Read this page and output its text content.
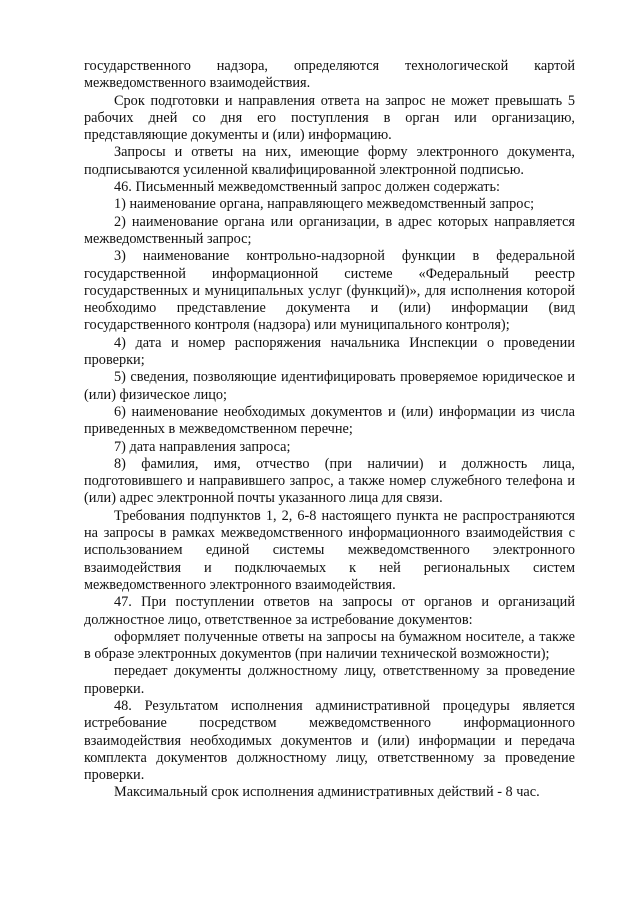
государственного надзора, определяются технологической картой межведомственного взаимодействия.

Срок подготовки и направления ответа на запрос не может превышать 5 рабочих дней со дня его поступления в орган или организацию, представляющие документы и (или) информацию.

Запросы и ответы на них, имеющие форму электронного документа, подписываются усиленной квалифицированной электронной подписью.

46. Письменный межведомственный запрос должен содержать:

1) наименование органа, направляющего межведомственный запрос;

2) наименование органа или организации, в адрес которых направляется межведомственный запрос;

3) наименование контрольно-надзорной функции в федеральной государственной информационной системе «Федеральный реестр государственных и муниципальных услуг (функций)», для исполнения которой необходимо представление документа и (или) информации (вид государственного контроля (надзора) или муниципального контроля);

4) дата и номер распоряжения начальника Инспекции о проведении проверки;

5) сведения, позволяющие идентифицировать проверяемое юридическое и (или) физическое лицо;

6) наименование необходимых документов и (или) информации из числа приведенных в межведомственном перечне;

7) дата направления запроса;

8) фамилия, имя, отчество (при наличии) и должность лица, подготовившего и направившего запрос, а также номер служебного телефона и (или) адрес электронной почты указанного лица для связи.

Требования подпунктов 1, 2, 6-8 настоящего пункта не распространяются на запросы в рамках межведомственного информационного взаимодействия с использованием единой системы межведомственного электронного взаимодействия и подключаемых к ней региональных систем межведомственного электронного взаимодействия.

47. При поступлении ответов на запросы от органов и организаций должностное лицо, ответственное за истребование документов:

оформляет полученные ответы на запросы на бумажном носителе, а также в образе электронных документов (при наличии технической возможности);

передает документы должностному лицу, ответственному за проведение проверки.

48. Результатом исполнения административной процедуры является истребование посредством межведомственного информационного взаимодействия необходимых документов и (или) информации и передача комплекта документов должностному лицу, ответственному за проведение проверки.

Максимальный срок исполнения административных действий - 8 час.
